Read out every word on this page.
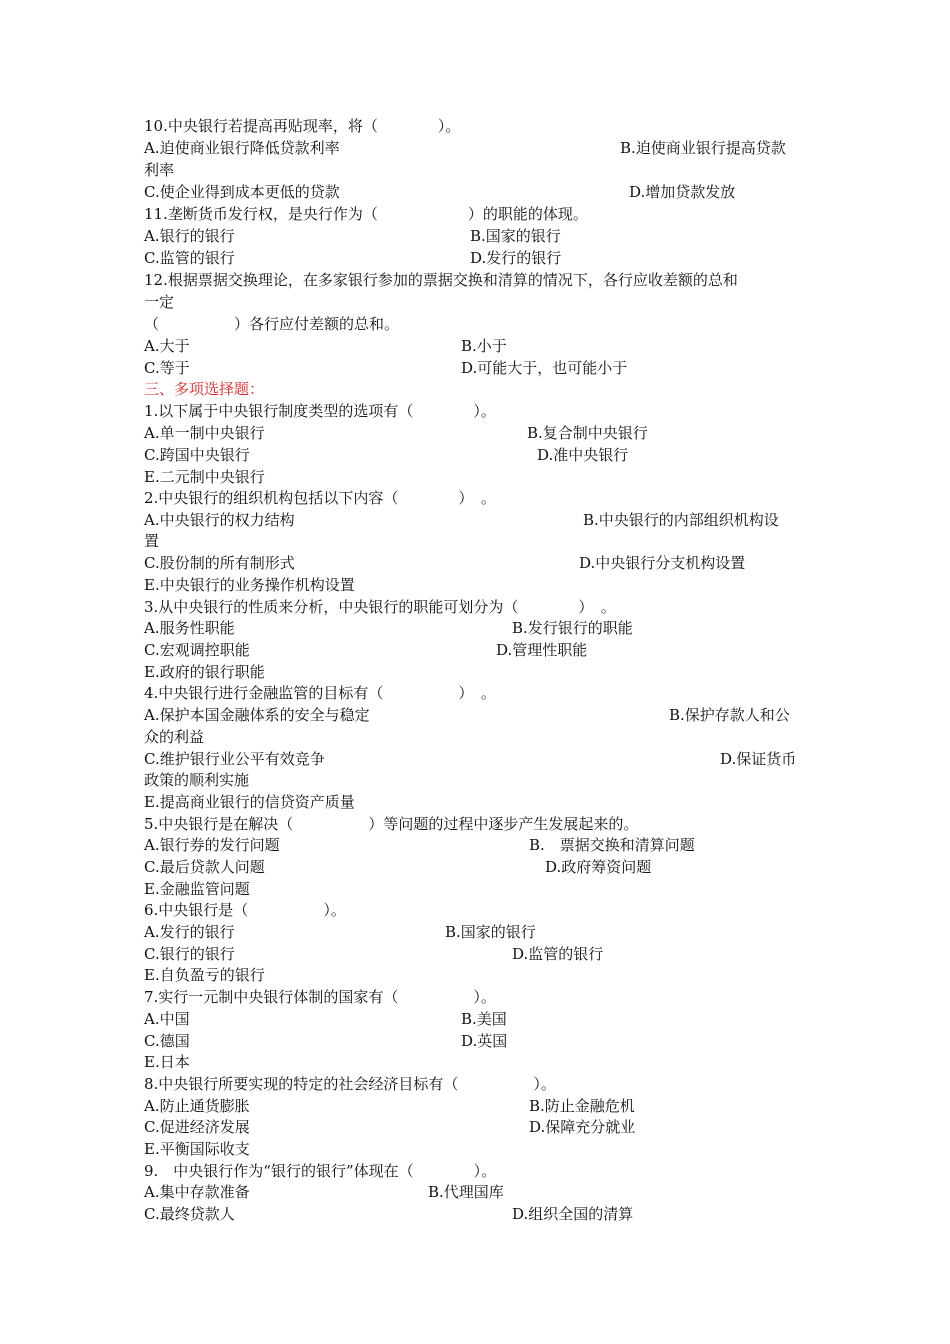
10.中央银行若提高再贴现率，将（　　　　）。
A.迫使商业银行降低贷款利率	B.迫使商业银行提高贷款
利率
C.使企业得到成本更低的贷款	D.增加贷款发放
11.垄断货币发行权，是央行作为（　　　　　　）的职能的体现。
A.银行的银行	B.国家的银行
C.监管的银行	D.发行的银行
12.根据票据交换理论，在多家银行参加的票据交换和清算的情况下，各行应收差额的总和
一定
（　　　　　）各行应付差额的总和。
A.大于	B.小于
C.等于	D.可能大于，也可能小于
三、多项选择题：
1.以下属于中央银行制度类型的选项有（　　　　）。
A.单一制中央银行	B.复合制中央银行
C.跨国中央银行	D.准中央银行
E.二元制中央银行
2.中央银行的组织机构包括以下内容（　　　　）　。
A.中央银行的权力结构	B.中央银行的内部组织机构设
置
C.股份制的所有制形式	D.中央银行分支机构设置
E.中央银行的业务操作机构设置
3.从中央银行的性质来分析，中央银行的职能可划分为（　　　　）　。
A.服务性职能	B.发行银行的职能
C.宏观调控职能	D.管理性职能
E.政府的银行职能
4.中央银行进行金融监管的目标有（　　　　　）　。
A.保护本国金融体系的安全与稳定	B.保护存款人和公
众的利益
C.维护银行业公平有效竞争	D.保证货币
政策的顺利实施
E.提高商业银行的信贷资产质量
5.中央银行是在解决（　　　　　）等问题的过程中逐步产生发展起来的。
A.银行券的发行问题	B.　票据交换和清算问题
C.最后贷款人问题	D.政府筹资问题
E.金融监管问题
6.中央银行是（　　　　　）。
A.发行的银行	B.国家的银行
C.银行的银行	D.监管的银行
E.自负盈亏的银行
7.实行一元制中央银行体制的国家有（　　　　　）。
A.中国	B.美国
C.德国	D.英国
E.日本
8.中央银行所要实现的特定的社会经济目标有（　　　　　）。
A.防止通货膨胀	B.防止金融危机
C.促进经济发展	D.保障充分就业
E.平衡国际收支
9.　中央银行作为“银行的银行”体现在（　　　　）。
A.集中存款准备	B.代理国库
C.最终贷款人	D.组织全国的清算
